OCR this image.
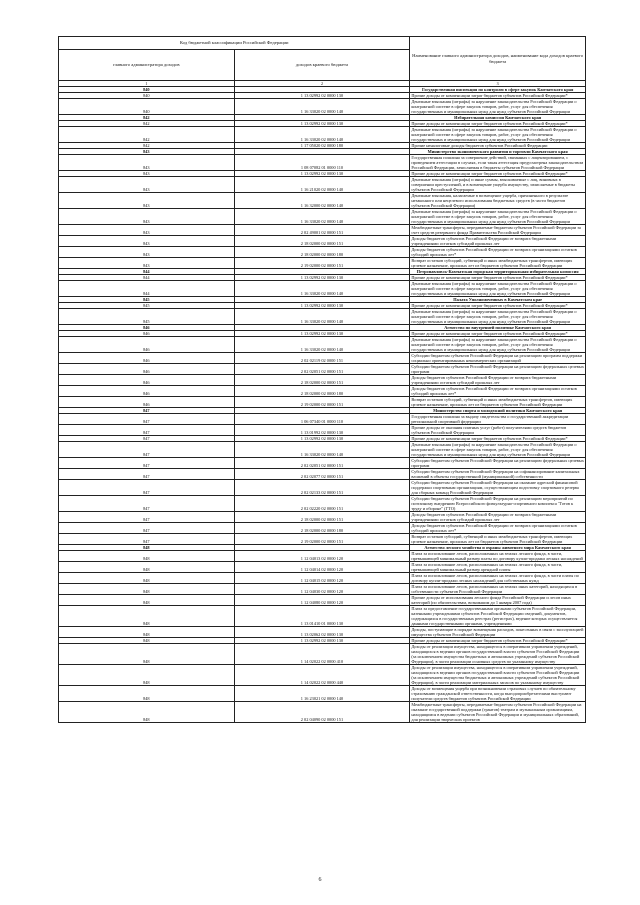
Код бюджетной классификации Российской Федерации		Наименование главного администратора доходов, наименование кода доходов краевого бюджета
главного администратора доходов	доходов краевого бюджета	
1	2	3
840		Государственная инспекция по контролю в сфере закупок Камчатского края
840	1 13 02992 02 0000 130	Прочие доходы от компенсации затрат бюджетов субъектов Российской Федерации*
840	1 16 33020 02 0000 140	Денежные взыскания (штрафы) за нарушение законодательства Российской Федерации о контрактной системе в сфере закупок товаров, работ, услуг для обеспечения государственных и муниципальных нужд для нужд субъектов Российской Федерации
842		Избирательная комиссия Камчатского края
842	1 13 02992 02 0000 130	Прочие доходы от компенсации затрат бюджетов субъектов Российской Федерации*
842	1 16 33020 02 0000 140	Денежные взыскания (штрафы) за нарушение законодательства Российской Федерации о контрактной системе в сфере закупок товаров, работ, услуг для обеспечения государственных и муниципальных нужд для нужд субъектов Российской Федерации
842	1 17 05020 02 0000 180	Прочие неналоговые доходы бюджетов субъектов Российской Федерации
843		Министерство экономического развития и торговли Камчатского края
843	1 08 07082 01 0000 110	Государственная пошлина за совершение действий, связанных с лицензированием, с проведением аттестации в случаях, если такая аттестация предусмотрена законодательством Российской Федерации, зачисляемая в бюджеты субъектов Российской Федерации
843	1 13 02992 02 0000 130	Прочие доходы от компенсации затрат бюджетов субъектов Российской Федерации*
843	1 16 21020 02 0000 140	Денежные взыскания (штрафы) и иные суммы, взыскиваемые с лиц, виновных в совершении преступлений, и в возмещение ущерба имуществу, зачисляемые в бюджеты субъектов Российской Федерации
843	1 16 32000 02 0000 140	Денежные взыскания, налагаемые в возмещение ущерба, причиненного в результате незаконного или нецелевого использования бюджетных средств (в части бюджетов субъектов Российской Федерации)
843	1 16 33020 02 0000 140	Денежные взыскания (штрафы) за нарушение законодательства Российской Федерации о контрактной системе в сфере закупок товаров, работ, услуг для обеспечения государственных и муниципальных нужд для нужд субъектов Российской Федерации
843	2 02 49001 02 0000 151	Межбюджетные трансферты, передаваемые бюджетам субъектов Российской Федерации за счет средств резервного фонда Правительства Российской Федерации
843	2 18 02000 02 0000 151	Доходы бюджетов субъектов Российской Федерации от возврата бюджетными учреждениями остатков субсидий прошлых лет
843	2 18 02000 02 0000 180	Доходы бюджетов субъектов Российской Федерации от возврата организациями остатков субсидий прошлых лет*
843	2 19 02000 02 0000 151	Возврат остатков субсидий, субвенций и иных межбюджетных трансфертов, имеющих целевое назначение, прошлых лет из бюджетов субъектов Российской Федерации
844		Петропавловск-Камчатская городская территориальная избирательная комиссия
844	1 13 02992 02 0000 130	Прочие доходы от компенсации затрат бюджетов субъектов Российской Федерации*
844	1 16 33020 02 0000 140	Денежные взыскания (штрафы) за нарушение законодательства Российской Федерации о контрактной системе в сфере закупок товаров, работ, услуг для обеспечения государственных и муниципальных нужд для нужд субъектов Российской Федерации
845		Палата Уполномоченных в Камчатском крае
845	1 13 02992 02 0000 130	Прочие доходы от компенсации затрат бюджетов субъектов Российской Федерации*
845	1 16 33020 02 0000 140	Денежные взыскания (штрафы) за нарушение законодательства Российской Федерации о контрактной системе в сфере закупок товаров, работ, услуг для обеспечения государственных и муниципальных нужд для нужд субъектов Российской Федерации
846		Агентство по внутренней политике Камчатского края
846	1 13 02992 02 0000 130	Прочие доходы от компенсации затрат бюджетов субъектов Российской Федерации*
846	1 16 33020 02 0000 140	Денежные взыскания (штрафы) за нарушение законодательства Российской Федерации о контрактной системе в сфере закупок товаров, работ, услуг для обеспечения государственных и муниципальных нужд для нужд субъектов Российской Федерации
846	2 02 02119 02 0000 151	Субсидии бюджетам субъектов Российской Федерации на реализацию программ поддержки социально ориентированных некоммерческих организаций
846	2 02 02051 02 0000 151	Субсидии бюджетам субъектов Российской Федерации на реализацию федеральных целевых программ
846	2 18 02000 02 0000 151	Доходы бюджетов субъектов Российской Федерации от возврата бюджетными учреждениями остатков субсидий прошлых лет
846	2 18 02000 02 0000 180	Доходы бюджетов субъектов Российской Федерации от возврата организациями остатков субсидий прошлых лет*
846	2 19 02000 02 0000 151	Возврат остатков субсидий, субвенций и иных межбюджетных трансфертов, имеющих целевое назначение, прошлых лет из бюджетов субъектов Российской Федерации
847		Министерство спорта и молодежной политики Камчатского края
847	1 06 07340 01 0000 110	Государственная пошлина за выдачу свидетельства о государственной аккредитации региональной спортивной федерации
847	1 13 01992 02 0000 130	Прочие доходы от оказания платных услуг (работ) получателями средств бюджетов субъектов Российской Федерации
847	1 13 02992 02 0000 130	Прочие доходы от компенсации затрат бюджетов субъектов Российской Федерации*
847	1 16 33020 02 0000 140	Денежные взыскания (штрафы) за нарушение законодательства Российской Федерации о контрактной системе в сфере закупок товаров, работ, услуг для обеспечения государственных и муниципальных нужд для нужд субъектов Российской Федерации
847	2 02 02051 02 0000 151	Субсидии бюджетам субъектов Российской Федерации на реализацию федеральных целевых программ
847	2 02 02077 02 0000 151	Субсидии бюджетам субъектов Российской Федерации на софинансирование капитальных вложений в объекты государственной (муниципальной) собственности
847	2 02 02133 02 0000 151	Субсидии бюджетам субъектов Российской Федерации на оказание адресной финансовой поддержки спортивным организациям, осуществляющим подготовку спортивного резерва для сборных команд Российской Федерации
847	2 02 02220 02 0000 151	Субсидии бюджетам субъектов Российской Федерации на реализацию мероприятий по поэтапному внедрению Всероссийского физкультурно-спортивного комплекса "Готов к труду и обороне" (ГТО)
847	2 18 02000 02 0000 151	Доходы бюджетов субъектов Российской Федерации от возврата бюджетными учреждениями остатков субсидий прошлых лет
847	2 18 02000 02 0000 180	Доходы бюджетов субъектов Российской Федерации от возврата организациями остатков субсидий прошлых лет*
847	2 19 02000 02 0000 151	Возврат остатков субсидий, субвенций и иных межбюджетных трансфертов, имеющих целевое назначение, прошлых лет из бюджетов субъектов Российской Федерации
848		Агентство лесного хозяйства и охраны животного мира Камчатского края
848	1 12 04013 02 0000 120	Плата за использование лесов, расположенных на землях лесного фонда, в части, превышающей минимальный размер платы по договору купли-продажи лесных насаждений
848	1 12 04014 02 0000 120	Плата за использование лесов, расположенных на землях лесного фонда, в части, превышающей минимальный размер арендной платы
848	1 12 04015 02 0000 120	Плата за использование лесов, расположенных на землях лесного фонда, в части платы по договору купли-продажи лесных насаждений для собственных нужд
848	1 12 04030 02 0000 120	Плата за использование лесов, расположенных на землях иных категорий, находящихся в собственности субъектов Российской Федерации
848	1 12 04080 02 0000 120	Прочие доходы от использования лесного фонда Российской Федерации и лесов иных категорий (по обязательствам, возникшим до 1 января 2007 года)
848	1 13 01410 01 0000 130	Плата за предоставление государственными органами субъектов Российской Федерации, казенными учреждениями субъектов Российской Федерации сведений, документов, содержащихся в государственных реестрах (регистрах), ведение которых осуществляется данными государственными органами, учреждениями
848	1 13 02062 02 0000 130	Доходы, поступающие в порядке возмещения расходов, понесенных в связи с эксплуатацией имущества субъектов Российской Федерации
848	1 13 02992 02 0000 130	Прочие доходы от компенсации затрат бюджетов субъектов Российской Федерации*
848	1 14 02022 02 0000 410	Доходы от реализации имущества, находящегося в оперативном управлении учреждений, находящихся в ведении органов государственной власти субъектов Российской Федерации (за исключением имущества бюджетных и автономных учреждений субъектов Российской Федерации), в части реализации основных средств по указанному имуществу
848	1 14 02022 02 0000 440	Доходы от реализации имущества, находящегося в оперативном управлении учреждений, находящихся в ведении органов государственной власти субъектов Российской Федерации (за исключением имущества бюджетных и автономных учреждений субъектов Российской Федерации), в части реализации материальных запасов по указанному имуществу
848	1 16 23021 02 0000 140	Доходы от возмещения ущерба при возникновении страховых случаев по обязательному страхованию гражданской ответственности, когда выгодоприобретателями выступают получатели средств бюджетов субъектов Российской Федерации
848	2 02 04090 02 0000 151	Межбюджетные трансферты, передаваемые бюджетам субъектов Российской Федерации на оказание государственной поддержки (грантов) театрам и музыкальным организациям, находящимся в ведении субъектов Российской Федерации и муниципальных образований, для реализации творческих проектов
6
